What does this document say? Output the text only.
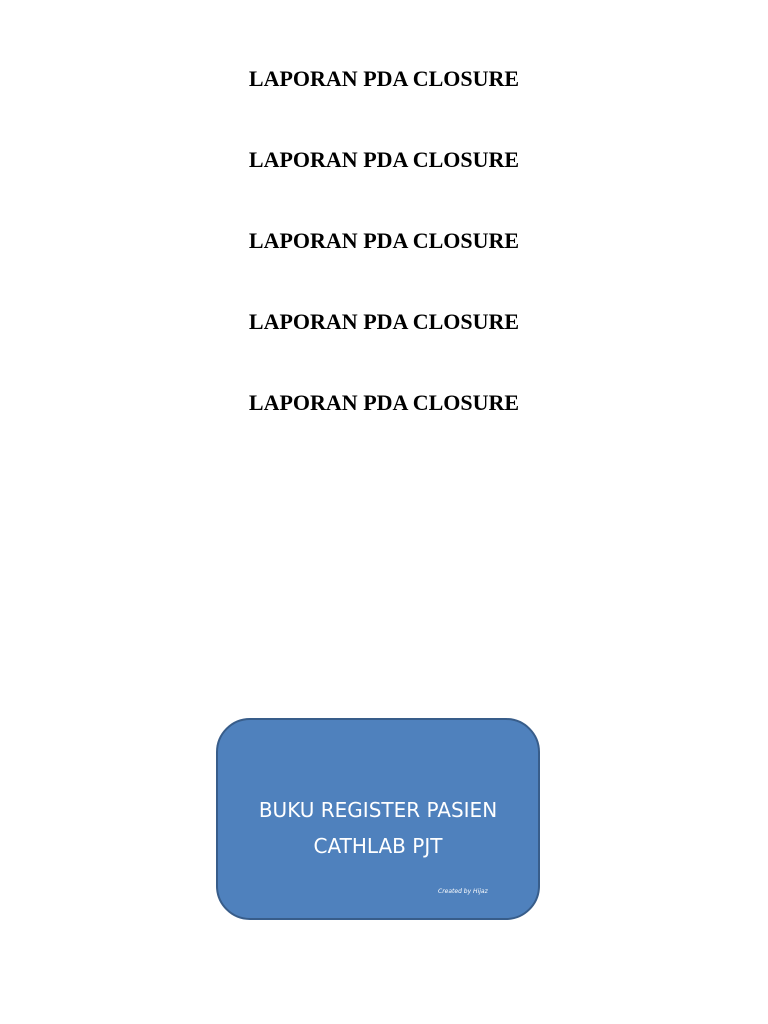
LAPORAN PDA CLOSURE
LAPORAN PDA CLOSURE
LAPORAN PDA CLOSURE
LAPORAN PDA CLOSURE
LAPORAN PDA CLOSURE
BUKU REGISTER PASIEN
CATHLAB PJT
Created by Hijaz
